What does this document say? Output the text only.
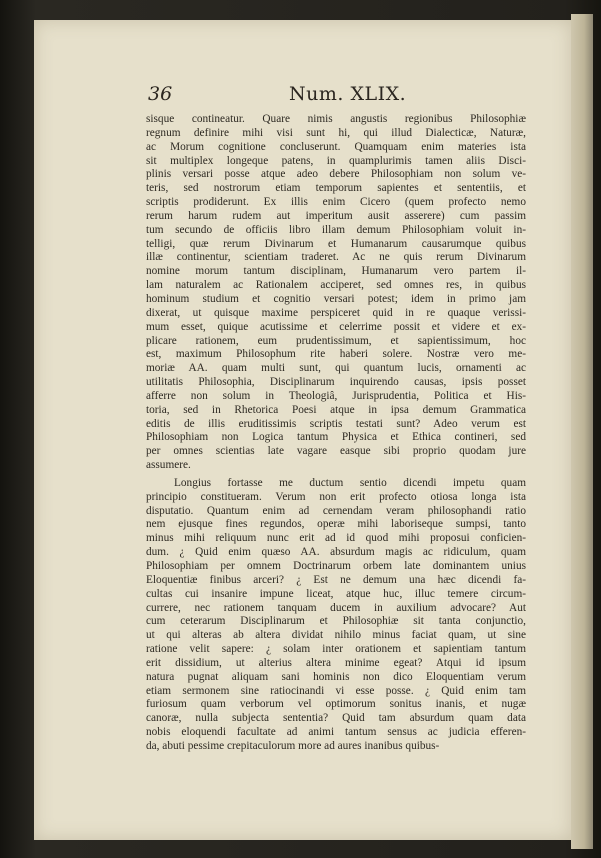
36	Num. XLIX.
sisque contineatur. Quare nimis angustis regionibus Philosophiæ
regnum definire mihi visi sunt hi, qui illud Dialecticæ, Naturæ,
ac Morum cognitione concluserunt. Quamquam enim materies ista
sit multiplex longeque patens, in quamplurimis tamen aliis Disci-
plinis versari posse atque adeo debere Philosophiam non solum ve-
teris, sed nostrorum etiam temporum sapientes et sententiis, et
scriptis prodiderunt. Ex illis enim Cicero (quem profecto nemo
rerum harum rudem aut imperitum ausit asserere) cum passim
tum secundo de officiis libro illam demum Philosophiam voluit in-
telligi, quæ rerum Divinarum et Humanarum causarumque quibus
illæ continentur, scientiam traderet. Ac ne quis rerum Divinarum
nomine morum tantum disciplinam, Humanarum vero partem il-
lam naturalem ac Rationalem acciperet, sed omnes res, in quibus
hominum studium et cognitio versari potest; idem in primo jam
dixerat, ut quisque maxime perspiceret quid in re quaque verissi-
mum esset, quique acutissime et celerrime possit et videre et ex-
plicare rationem, eum prudentissimum, et sapientissimum, hoc
est, maximum Philosophum rite haberi solere. Nostræ vero me-
moriæ AA. quam multi sunt, qui quantum lucis, ornamenti ac
utilitatis Philosophia, Disciplinarum inquirendo causas, ipsis posset
afferre non solum in Theologiâ, Jurisprudentia, Politica et His-
toria, sed in Rhetorica Poesi atque in ipsa demum Grammatica
editis de illis eruditissimis scriptis testati sunt? Adeo verum est
Philosophiam non Logica tantum Physica et Ethica contineri, sed
per omnes scientias late vagare easque sibi proprio quodam jure
assumere.
Longius fortasse me ductum sentio dicendi impetu quam
principio constitueram. Verum non erit profecto otiosa longa ista
disputatio. Quantum enim ad cernendam veram philosophandi ratio
nem ejusque fines regundos, operæ mihi laboriseque sumpsi, tanto
minus mihi reliquum nunc erit ad id quod mihi proposui conficien-
dum. ¿ Quid enim quæso AA. absurdum magis ac ridiculum, quam
Philosophiam per omnem Doctrinarum orbem late dominantem unius
Eloquentiæ finibus arceri? ¿ Est ne demum una hæc dicendi fa-
cultas cui insanire impune liceat, atque huc, illuc temere circum-
currere, nec rationem tanquam ducem in auxilium advocare? Aut
cum ceterarum Disciplinarum et Philosophiæ sit tanta conjunctio,
ut qui alteras ab altera dividat nihilo minus faciat quam, ut sine
ratione velit sapere: ¿ solam inter orationem et sapientiam tantum
erit dissidium, ut alterius altera minime egeat? Atqui id ipsum
natura pugnat aliquam sani hominis non dico Eloquentiam verum
etiam sermonem sine ratiocinandi vi esse posse. ¿ Quid enim tam
furiosum quam verborum vel optimorum sonitus inanis, et nugæ
canoræ, nulla subjecta sententia? Quid tam absurdum quam data
nobis eloquendi facultate ad animi tantum sensus ac judicia efferen-
da, abuti pessime crepitaculorum more ad aures inanibus quibus-
